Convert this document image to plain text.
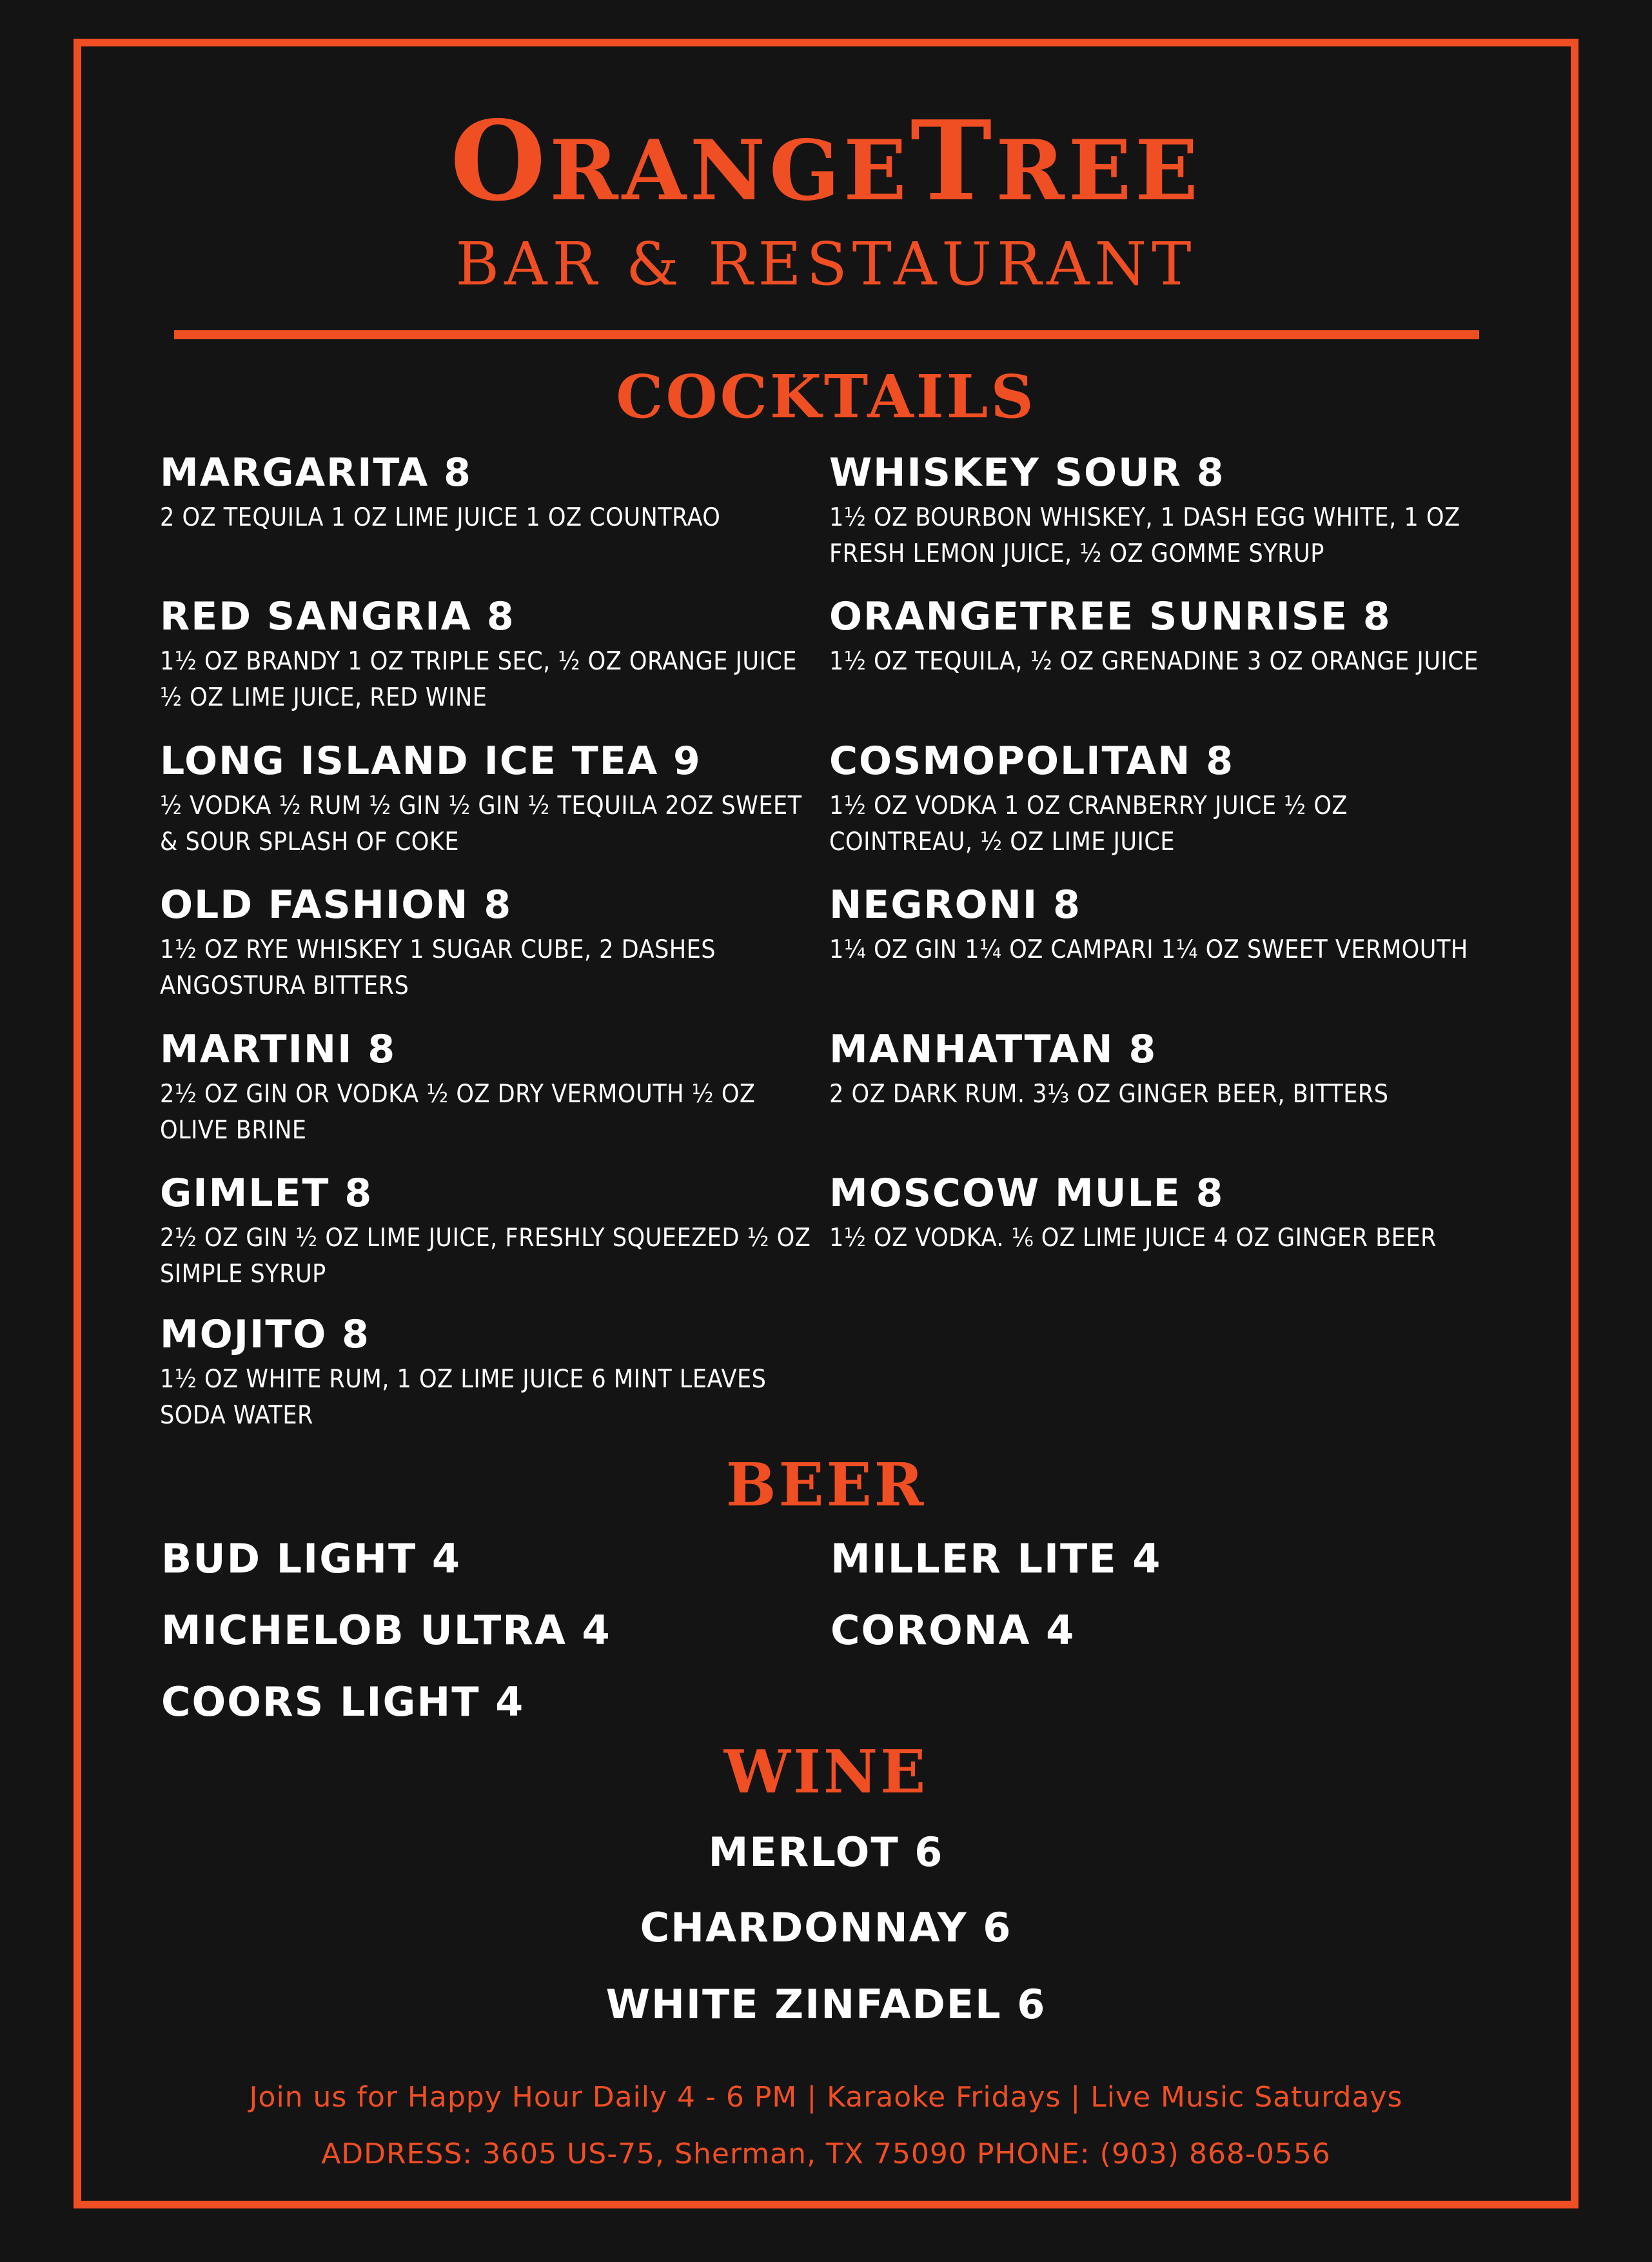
ORANGETREE
BAR & RESTAURANT
COCKTAILS
MARGARITA 8
2 OZ TEQUILA 1 OZ LIME JUICE 1 OZ COUNTRAO
RED SANGRIA 8
1½ OZ BRANDY 1 OZ TRIPLE SEC, ½ OZ ORANGE JUICE ½ OZ LIME JUICE, RED WINE
LONG ISLAND ICE TEA 9
½ VODKA ½ RUM ½ GIN ½ GIN ½ TEQUILA 2OZ SWEET & SOUR SPLASH OF COKE
OLD FASHION 8
1½ OZ RYE WHISKEY 1 SUGAR CUBE, 2 DASHES ANGOSTURA BITTERS
MARTINI 8
2½ OZ GIN OR VODKA ½ OZ DRY VERMOUTH ½ OZ OLIVE BRINE
GIMLET 8
2½ OZ GIN ½ OZ LIME JUICE, FRESHLY SQUEEZED ½ OZ SIMPLE SYRUP
MOJITO 8
1½ OZ WHITE RUM, 1 OZ LIME JUICE 6 MINT LEAVES SODA WATER
WHISKEY SOUR 8
1½ OZ BOURBON WHISKEY, 1 DASH EGG WHITE, 1 OZ FRESH LEMON JUICE, ½ OZ GOMME SYRUP
ORANGETREE SUNRISE 8
1½ OZ TEQUILA, ½ OZ GRENADINE 3 OZ ORANGE JUICE
COSMOPOLITAN 8
1½ OZ VODKA 1 OZ CRANBERRY JUICE ½ OZ COINTREAU, ½ OZ LIME JUICE
NEGRONI 8
1¼ OZ GIN 1¼ OZ CAMPARI 1¼ OZ SWEET VERMOUTH
MANHATTAN 8
2 OZ DARK RUM. 3⅓ OZ GINGER BEER, BITTERS
MOSCOW MULE 8
1½ OZ VODKA. ⅙ OZ LIME JUICE 4 OZ GINGER BEER
BEER
BUD LIGHT 4
MICHELOB ULTRA 4
COORS LIGHT 4
MILLER LITE 4
CORONA 4
WINE
MERLOT 6
CHARDONNAY 6
WHITE ZINFADEL 6
Join us for Happy Hour Daily 4 - 6 PM | Karaoke Fridays | Live Music Saturdays
ADDRESS: 3605 US-75, Sherman, TX 75090 PHONE: (903) 868-0556
